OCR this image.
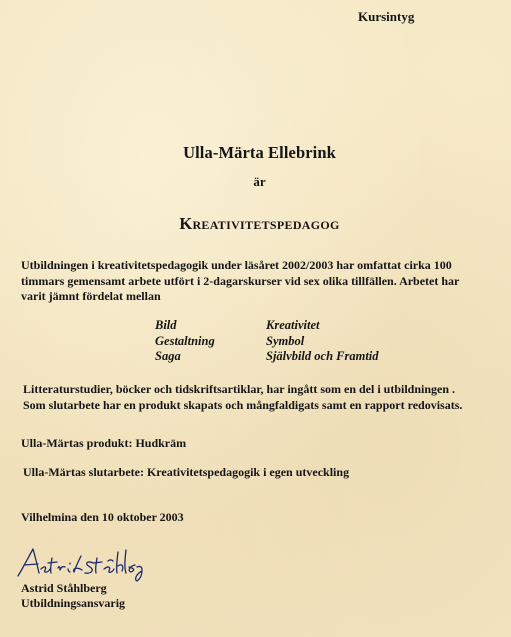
Kursintyg
Ulla-Märta Ellebrink
är
Kreativitetspedagog
Utbildningen i kreativitetspedagogik under läsåret 2002/2003 har omfattat cirka 100
timmars gemensamt arbete utfört i 2-dagarskurser vid sex olika tillfällen. Arbetet har
varit jämnt fördelat mellan
Bild	Kreativitet
Gestaltning	Symbol
Saga	Självbild och Framtid
Litteraturstudier, böcker och tidskriftsartiklar, har ingått som en del i utbildningen .
Som slutarbete har en produkt skapats och mångfaldigats samt en rapport redovisats.
Ulla-Märtas produkt: Hudkräm
Ulla-Märtas slutarbete: Kreativitetspedagogik i egen utveckling
Vilhelmina den 10 oktober 2003
Astrid Ståhlberg
Utbildningsansvarig
